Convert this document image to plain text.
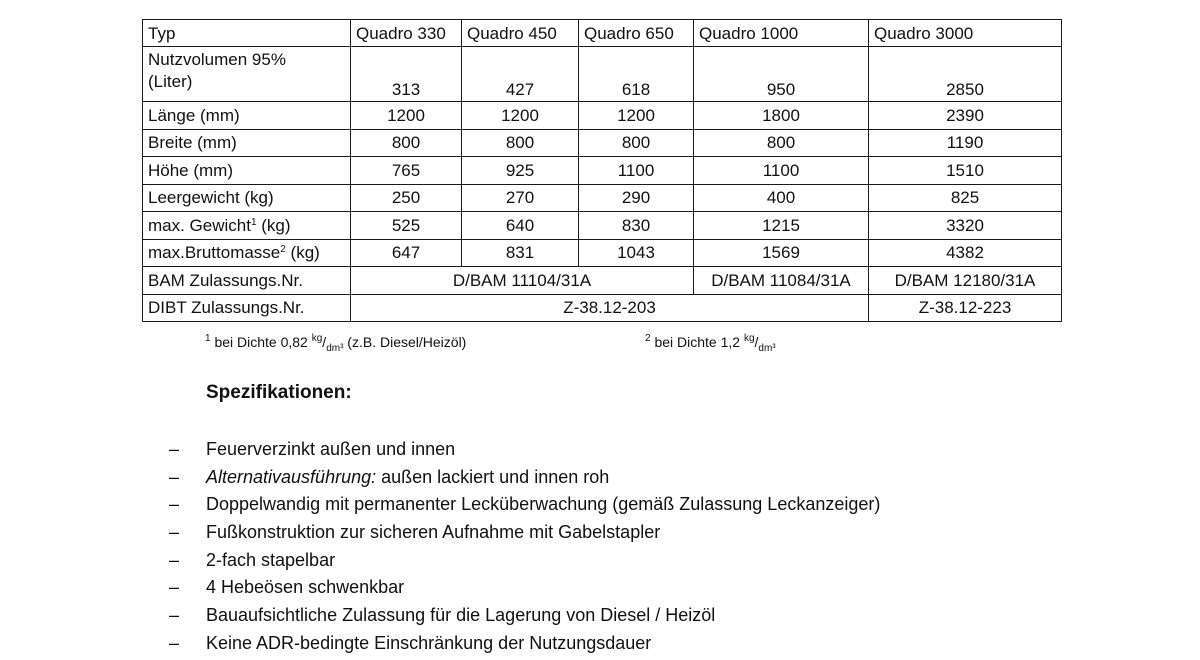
Typ	Quadro 330	Quadro 450	Quadro 650	Quadro 1000	Quadro 3000

Nutzvolumen 95%
(Liter)	313	427	618	950	2850
Länge (mm)	1200	1200	1200	1800	2390
Breite (mm)	800	800	800	800	1190
Höhe (mm)	765	925	1100	1100	1510
Leergewicht (kg)	250	270	290	400	825
max. Gewicht$^1$ (kg)	525	640	830	1215	3320
max.Bruttomasse$^2$ (kg)	647	831	1043	1569	4382
BAM Zulassungs.Nr.	D/BAM 11104/31A			D/BAM 11084/31A	D/BAM 12180/31A
DIBT Zulassungs.Nr.	Z-38.12-203				Z-38.12-223
$^1$ bei Dichte 0,82 $^{kg}/_{dm^3}$ (z.B. Diesel/Heizöl)	$^2$ bei Dichte 1,2 $^{kg}/_{dm^3}$
Spezifikationen:
– Feuerverzinkt außen und innen
– Alternativausführung: außen lackiert und innen roh
– Doppelwandig mit permanenter Lecküberwachung (gemäß Zulassung Leckanzeiger)
– Fußkonstruktion zur sicheren Aufnahme mit Gabelstapler
– 2-fach stapelbar
– 4 Hebeösen schwenkbar
– Bauaufsichtliche Zulassung für die Lagerung von Diesel / Heizöl
– Keine ADR-bedingte Einschränkung der Nutzungsdauer
